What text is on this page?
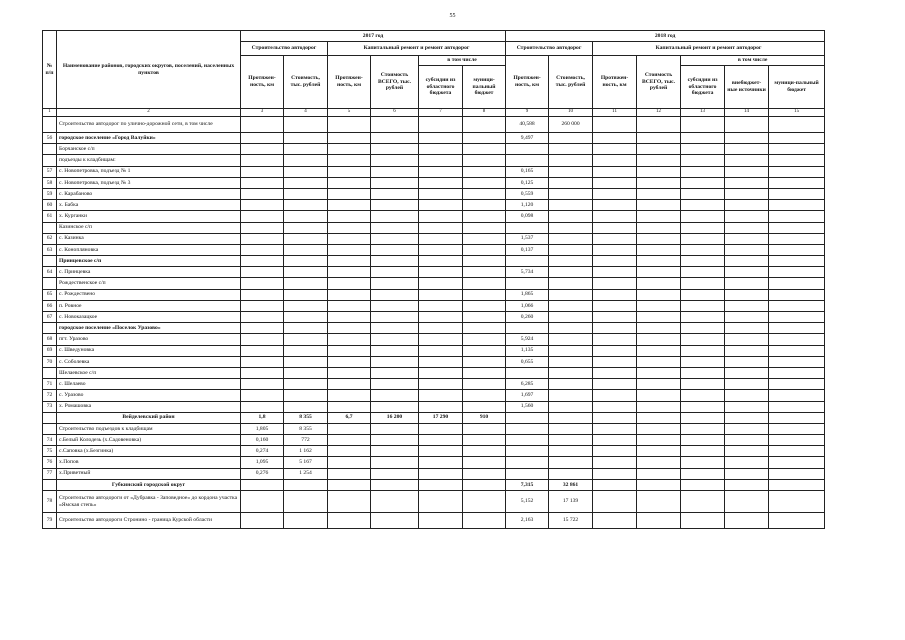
55
№ п/п	Наименование районов, городских округов, поселений, населенных пунктов	2017 год						2018 год						
		Строительство автодорог		Капитальный ремонт и ремонт автодорог				Строительство автодорог		Капитальный ремонт и ремонт автодорог				
		Протяжен-ность, км	Стоимость, тыс. рублей	Протяжен-ность, км	Стоимость ВСЕГО, тыс. рублей	в том числе		Протяжен-ность, км	Стоимость, тыс. рублей	Протяжен-ность, км	Стоимость ВСЕГО, тыс. рублей	в том числе		
						субсидии из областного бюджета	муници-пальный бюджет					субсидии из областного бюджета	внебюджет-ные источники	муници-пальный бюджет
1	2	3	4	5	6	7	8	9	10	11	12	13	14	15
	Строительство автодорог по улично-дорожной сети, в том числе							40,588	260 000					
56	городское поселение «Город Валуйки»							9,497						
	Борчанское с/п													
	подъезды к кладбищам:													
57	с. Новопетровка, подъезд № 1							0,165						
58	с. Новопетровка, подъезд № 3							0,125						
59	с. Карабаново							0,559						
60	х. Бабка							1,120						
61	х. Курганки							0,098						
	Казинское с/п													
62	с. Казинка							1,537						
63	с. Конопляновка							0,137						
	Принцевское с/п													
64	с. Принцевка							5,734						
	Рождественское с/п													
65	с. Рождествено							1,865						
66	п. Ровное							1,066						
67	с. Новоказацкое							0,260						
	городское поселение «Поселок Уразово»													
68	пгт. Уразово							5,924						
69	с. Шведуновка							1,135						
70	с. Соболевка							0,655						
	Шелаевское с/п													
71	с. Шелаево							6,285						
72	с. Уразово							1,697						
73	х. Ромашовка							1,560						
	Вейделевский район	1,8	8 355	6,7	16 200	17 290	910							
	Строительство подъездов к кладбищам	1,805	8 355											
74	с.Белый Колодезь (х.Садовеновка)	0,160	772											
75	с.Саповка (х.Безгинка)	0,274	1 162											
76	х.Попов	1,095	5 167											
77	х.Приветный	0,276	1 254											
	Губкинский городской округ							7,315	32 861					
78	Строительство автодороги от «Дубравка - Заповедное» до кордона участка «Ямская степь»							5,152	17 139					
79	Строительство автодороги Стронино - граница Курской области							2,163	15 722					
